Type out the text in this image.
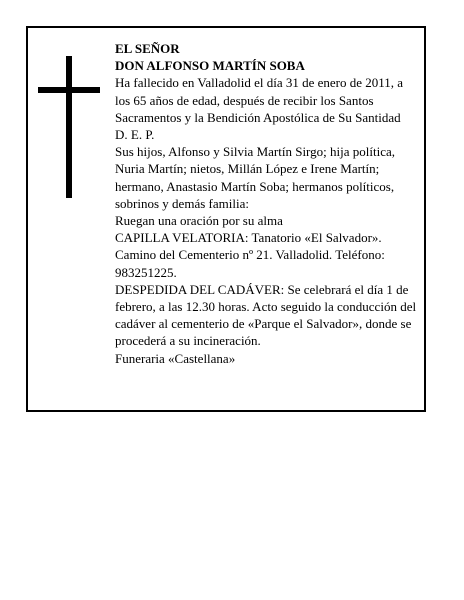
EL SEÑOR

DON ALFONSO MARTÍN SOBA

Ha fallecido en Valladolid el día 31 de enero de 2011, a los 65 años de edad, después de recibir los Santos Sacramentos y la Bendición Apostólica de Su Santidad

D. E. P.

Sus hijos, Alfonso y Silvia Martín Sirgo; hija política, Nuria Martín; nietos, Millán López e Irene Martín; hermano, Anastasio Martín Soba; hermanos políticos, sobrinos y demás familia:

Ruegan una oración por su alma

CAPILLA VELATORIA: Tanatorio «El Salvador». Camino del Cementerio nº 21. Valladolid. Teléfono: 983251225.

DESPEDIDA DEL CADÁVER: Se celebrará el día 1 de febrero, a las 12.30 horas. Acto seguido la conducción del cadáver al cementerio de «Parque el Salvador», donde se procederá a su incineración.

Funeraria «Castellana»
